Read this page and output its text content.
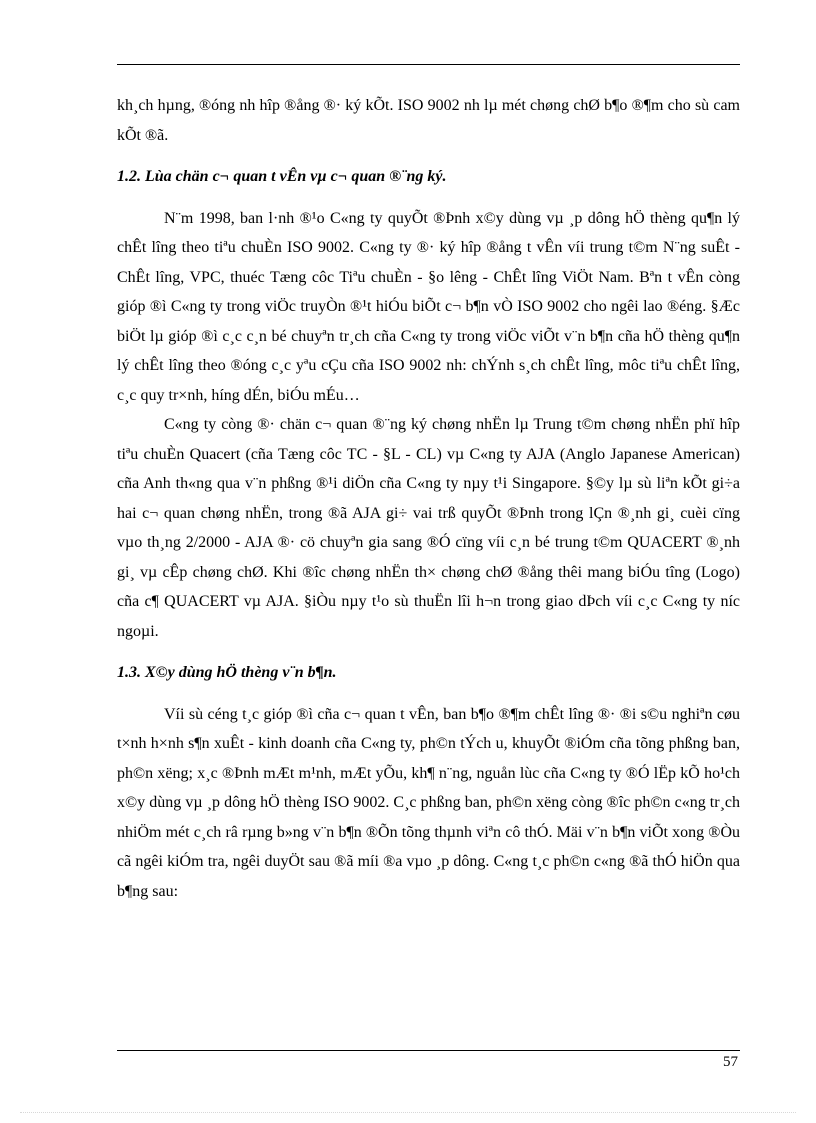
kh¸ch hµng, ®óng nh hîp ®ång ®· ký kÕt. ISO 9002 nh lµ mét chøng chØ b¶o ®¶m cho sù cam kÕt ®ã.

1.2. Lùa chän c¬ quan t vÊn vµ c¬ quan ®¨ng ký.

N¨m 1998, ban l·nh ®¹o C«ng ty quyÕt ®Þnh x©y dùng vµ ¸p dông hÖ thèng qu¶n lý chÊt lîng theo tiªu chuÈn ISO 9002. C«ng ty ®· ký hîp ®ång t vÊn víi trung t©m N¨ng suÊt - ChÊt lîng, VPC, thuéc Tæng côc Tiªu chuÈn - §o lêng - ChÊt lîng ViÖt Nam. Bªn t vÊn còng gióp ®ì C«ng ty trong viÖc truyÒn ®¹t hiÓu biÕt c¬ b¶n vÒ ISO 9002 cho ngêi lao ®éng. §Æc biÖt lµ gióp ®ì c¸c c¸n bé chuyªn tr¸ch cña C«ng ty trong viÖc viÕt v¨n b¶n cña hÖ thèng qu¶n lý chÊt lîng theo ®óng c¸c yªu cÇu cña ISO 9002 nh: chÝnh s¸ch chÊt lîng, môc tiªu chÊt lîng, c¸c quy tr×nh, híng dÉn, biÓu mÉu…

C«ng ty còng ®· chän c¬ quan ®¨ng ký chøng nhËn lµ Trung t©m chøng nhËn phï hîp tiªu chuÈn Quacert (cña Tæng côc TC - §L - CL) vµ C«ng ty AJA (Anglo Japanese American) cña Anh th«ng qua v¨n phßng ®¹i diÖn cña C«ng ty nµy t¹i Singapore. §©y lµ sù liªn kÕt gi÷a hai c¬ quan chøng nhËn, trong ®ã AJA gi÷ vai trß quyÕt ®Þnh trong lÇn ®¸nh gi¸ cuèi cïng vµo th¸ng 2/2000 - AJA ®· cö chuyªn gia sang ®Ó cïng víi c¸n bé trung t©m QUACERT ®¸nh gi¸ vµ cÊp chøng chØ. Khi ®îc chøng nhËn th× chøng chØ ®ång thêi mang biÓu tîng (Logo) cña c¶ QUACERT vµ AJA. §iÒu nµy t¹o sù thuËn lîi h¬n trong giao dÞch víi c¸c C«ng ty níc ngoµi.

1.3. X©y dùng hÖ thèng v¨n b¶n.

Víi sù céng t¸c gióp ®ì cña c¬ quan t vÊn, ban b¶o ®¶m chÊt lîng ®· ®i s©u nghiªn cøu t×nh h×nh s¶n xuÊt - kinh doanh cña C«ng ty, ph©n tÝch u, khuyÕt ®iÓm cña tõng phßng ban, ph©n xëng; x¸c ®Þnh mÆt m¹nh, mÆt yÕu, kh¶ n¨ng, nguån lùc cña C«ng ty ®Ó lËp kÕ ho¹ch x©y dùng vµ ¸p dông hÖ thèng ISO 9002. C¸c phßng ban, ph©n xëng còng ®îc ph©n c«ng tr¸ch nhiÖm mét c¸ch râ rµng b»ng v¨n b¶n ®Õn tõng thµnh viªn cô thÓ. Mäi v¨n b¶n viÕt xong ®Òu cã ngêi kiÓm tra, ngêi duyÖt sau ®ã míi ®a vµo ¸p dông. C«ng t¸c ph©n c«ng ®ã thÓ hiÖn qua b¶ng sau:

57
